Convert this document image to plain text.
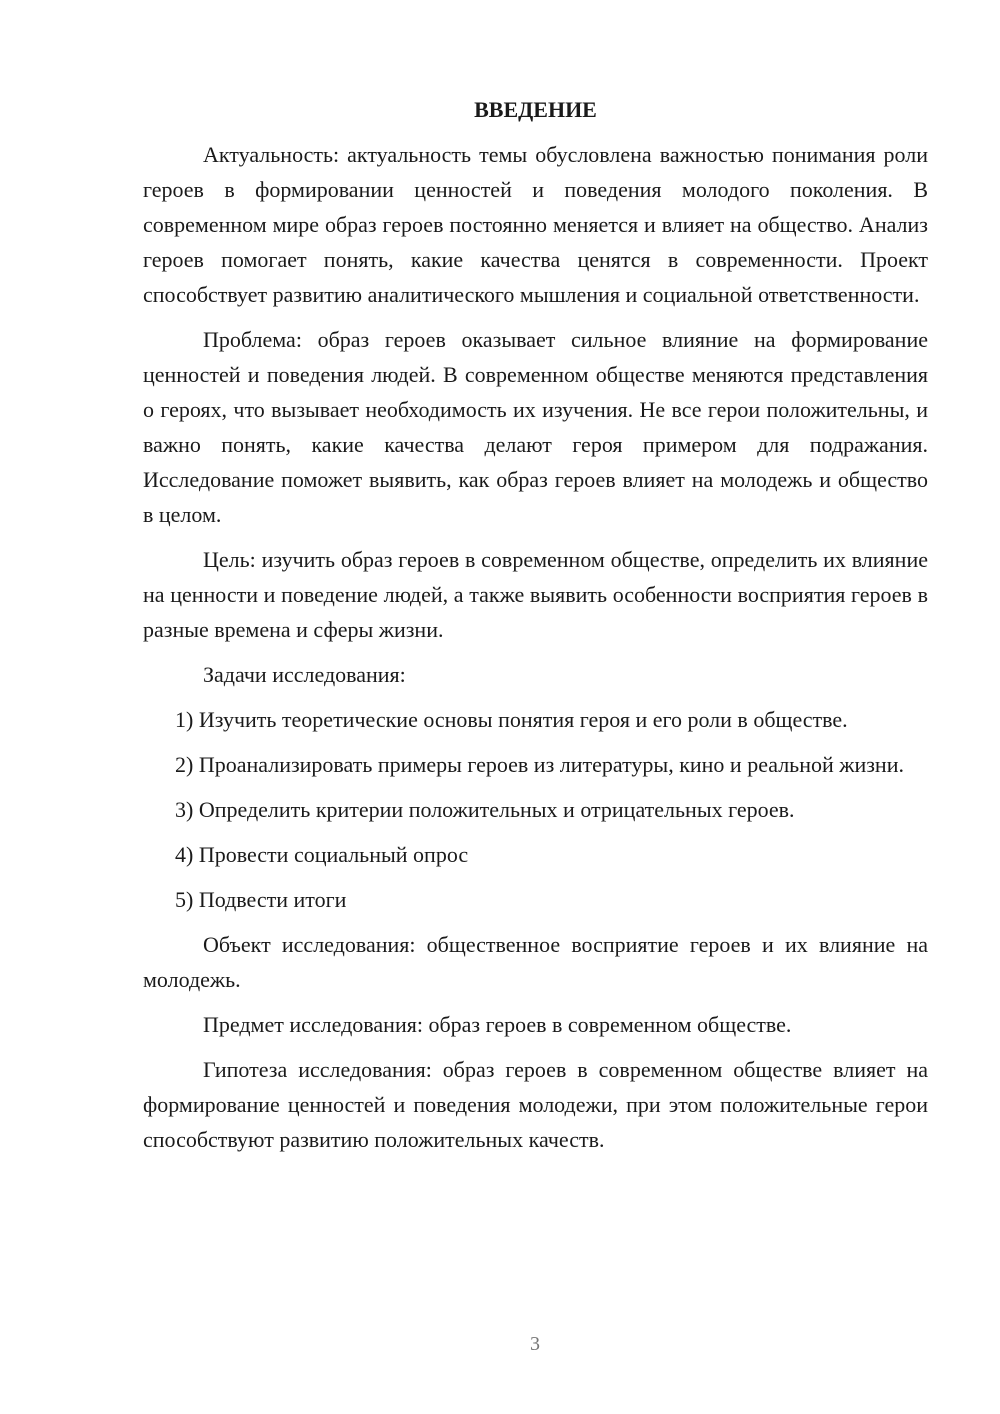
ВВЕДЕНИЕ

Актуальность: актуальность темы обусловлена важностью понимания роли героев в формировании ценностей и поведения молодого поколения. В современном мире образ героев постоянно меняется и влияет на общество. Анализ героев помогает понять, какие качества ценятся в современности. Проект способствует развитию аналитического мышления и социальной ответственности.

Проблема: образ героев оказывает сильное влияние на формирование ценностей и поведения людей. В современном обществе меняются представления о героях, что вызывает необходимость их изучения. Не все герои положительны, и важно понять, какие качества делают героя примером для подражания. Исследование поможет выявить, как образ героев влияет на молодежь и общество в целом.

Цель: изучить образ героев в современном обществе, определить их влияние на ценности и поведение людей, а также выявить особенности восприятия героев в разные времена и сферы жизни.

Задачи исследования:

1) Изучить теоретические основы понятия героя и его роли в обществе.

2) Проанализировать примеры героев из литературы, кино и реальной жизни.

3) Определить критерии положительных и отрицательных героев.

4) Провести социальный опрос

5) Подвести итоги

Объект исследования: общественное восприятие героев и их влияние на молодежь.

Предмет исследования: образ героев в современном обществе.

Гипотеза исследования: образ героев в современном обществе влияет на формирование ценностей и поведения молодежи, при этом положительные герои способствуют развитию положительных качеств.

3
